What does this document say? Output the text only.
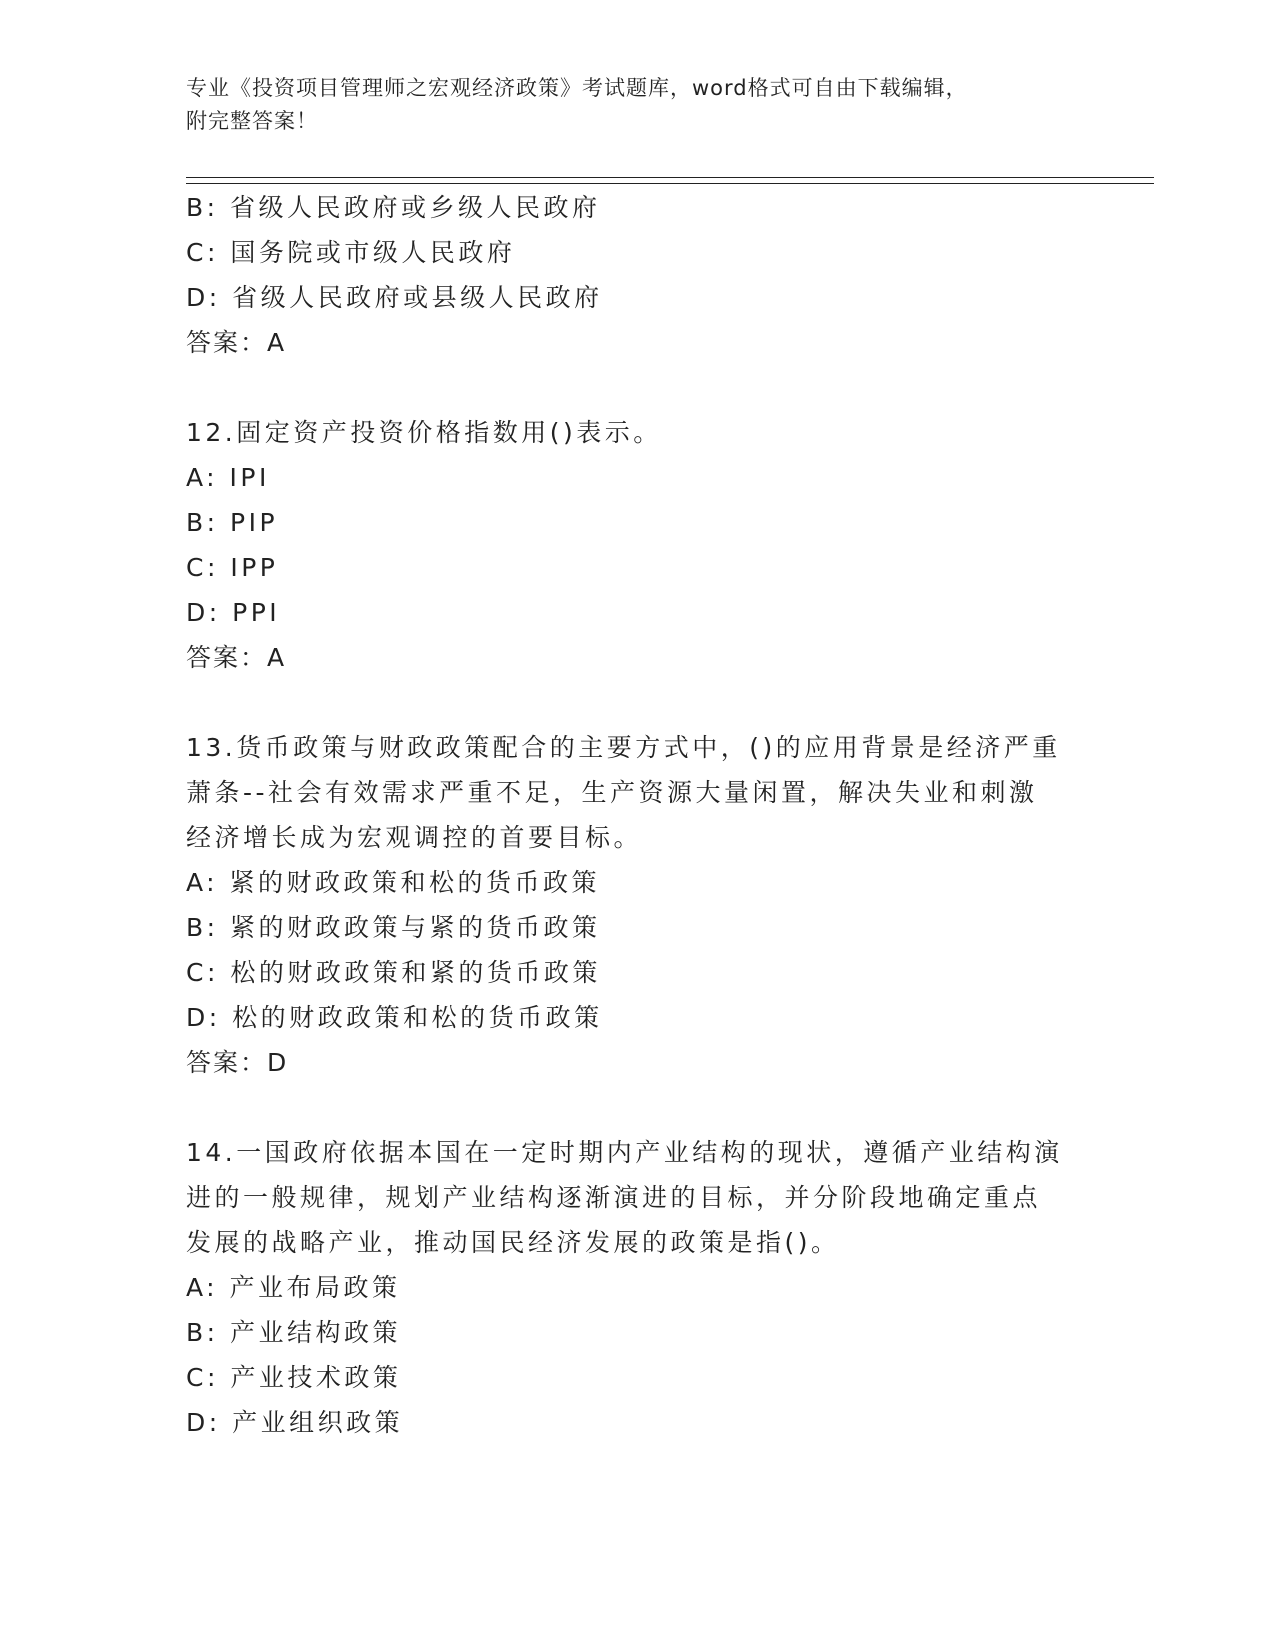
专业《投资项目管理师之宏观经济政策》考试题库，word格式可自由下载编辑，
附完整答案！
B: 省级人民政府或乡级人民政府
C: 国务院或市级人民政府
D: 省级人民政府或县级人民政府
答案：A
12.固定资产投资价格指数用()表示。
A: IPI
B: PIP
C: IPP
D: PPI
答案：A
13.货币政策与财政政策配合的主要方式中，()的应用背景是经济严重
萧条--社会有效需求严重不足，生产资源大量闲置，解决失业和刺激
经济增长成为宏观调控的首要目标。
A: 紧的财政政策和松的货币政策
B: 紧的财政政策与紧的货币政策
C: 松的财政政策和紧的货币政策
D: 松的财政政策和松的货币政策
答案：D
14.一国政府依据本国在一定时期内产业结构的现状，遵循产业结构演
进的一般规律，规划产业结构逐渐演进的目标，并分阶段地确定重点
发展的战略产业，推动国民经济发展的政策是指()。
A: 产业布局政策
B: 产业结构政策
C: 产业技术政策
D: 产业组织政策
